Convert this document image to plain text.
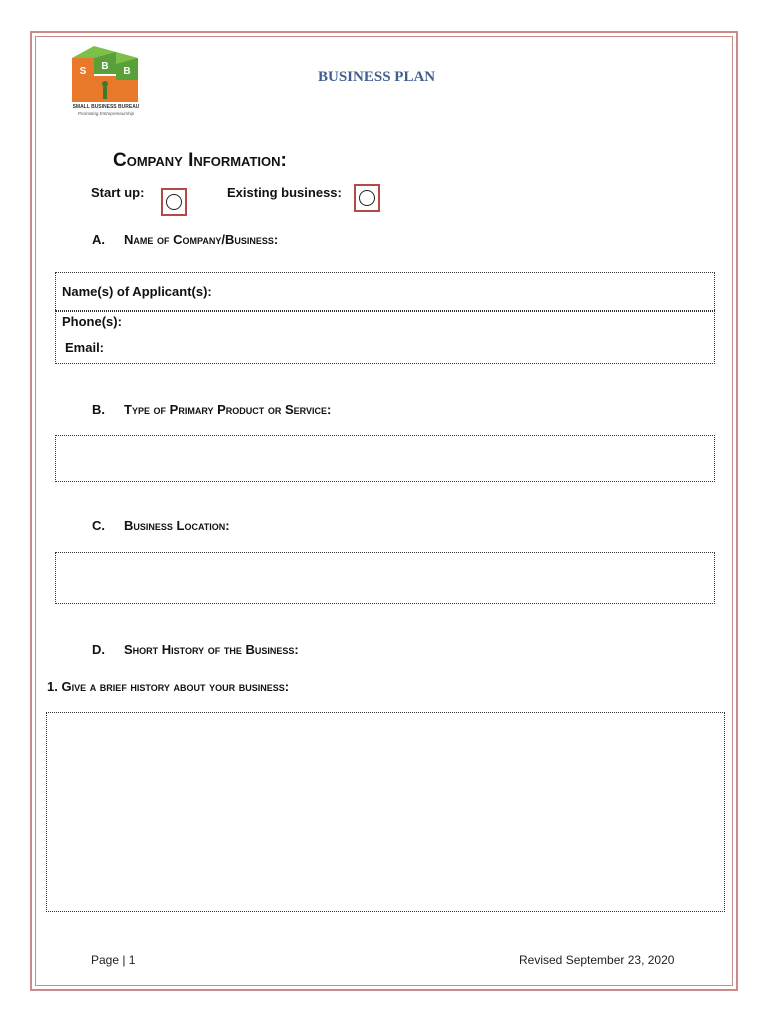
S B B
SMALL BUSINESS BUREAU
Promoting Entrepreneurship
BUSINESS PLAN
Company Information:
Start up:	Existing business:
A. Name of Company/Business:
Name(s) of Applicant(s):
Phone(s):
Email:
B. Type of Primary Product or Service:
C. Business Location:
D. Short History of the Business:
1. Give a brief history about your business:
Page | 1	Revised September 23, 2020
